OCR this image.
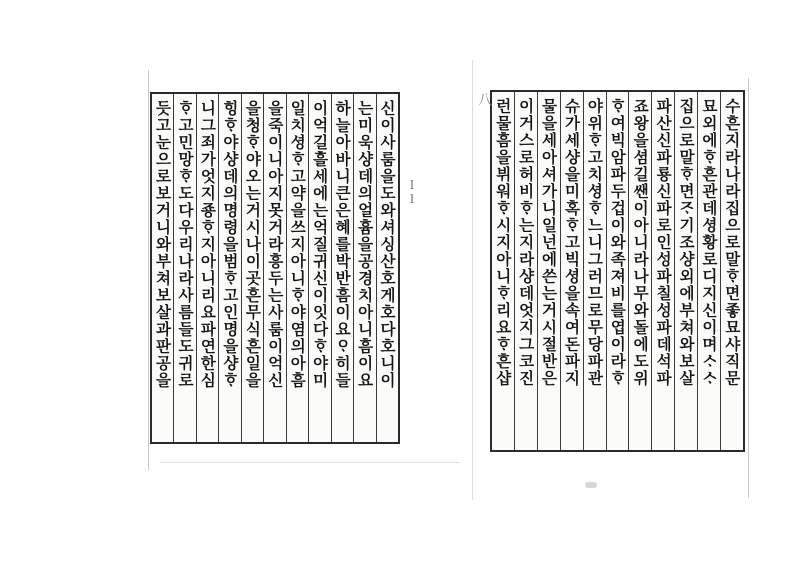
신이사룸을도와셔싱산호게호다호니이
는미욱샹데의얼흄을공경치아니흠이요
하늘아바니큰은혜를박반흠이요ᄋᆞ히들
이억길흘세에는억질귀신이잇다ᄒᆞ야미
일치셩ᄒᆞ고약을쓰지아니ᄒᆞ야염의아흠
을죽이니아지못거라흥두는사룸이억신
을청ᄒᆞ야오는거시나이곳흔무식흔일을
힝ᄒᆞ야샹데의명령을범ᄒᆞ고인명을샹ᄒᆞ
니그죄가엇지죵ᄒᆞ지아니리요파연한심
ᄒᆞ고민망ᄒᆞ도다우리나라사름들도귀로
듯고눈으로보거니와부쳐보살과판공을	ll	수흔지라나라집으로말ᄒᆞ면좋묘샤직문
묘외에ᄒᆞ흔관데셩황로디지신이며ᄉᆞᄉᆞ
집으로말ᄒᆞ면ᄌᆞ기조샹외에부쳐와보살
파산신파룡신파로인성파칠성파데석파
죠왕을셤길쌘이아니라나무와돌에도위
ᄒᆞ여빅암파두겁이와족져비를엽이라ᄒᆞ
야위ᄒᆞ고치셩ᄒᆞ느니그러므로무당파관
슈가세샹을미혹ᄒᆞ고빅셩을속여돈파지
물을세아셔가니일넌에쓴는거시절반은
이거스로허비ᄒᆞ는지라샹데엇지그코진
런물흠을뷔워ᄒᆞ시지아니ᄒᆞ리요ᄒᆞ흔샵
八
